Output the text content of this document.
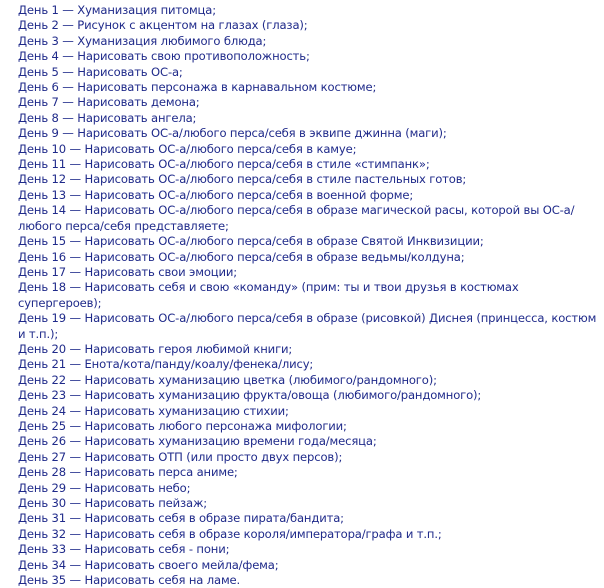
День 1 — Хуманизация питомца;
День 2 — Рисунок с акцентом на глазах (глаза);
День 3 — Хуманизация любимого блюда;
День 4 — Нарисовать свою противоположность;
День 5 — Нарисовать ОС-а;
День 6 — Нарисовать персонажа в карнавальном костюме;
День 7 — Нарисовать демона;
День 8 — Нарисовать ангела;
День 9 — Нарисовать ОС-а/любого перса/себя в эквипе джинна (маги);
День 10 — Нарисовать ОС-а/любого перса/себя в камуе;
День 11 — Нарисовать ОС-а/любого перса/себя в стиле «стимпанк»;
День 12 — Нарисовать ОС-а/любого перса/себя в стиле пастельных готов;
День 13 — Нарисовать ОС-а/любого перса/себя в военной форме;
День 14 — Нарисовать ОС-а/любого перса/себя в образе магической расы, которой вы ОС-а/любого перса/себя представляете;
День 15 — Нарисовать ОС-а/любого перса/себя в образе Святой Инквизиции;
День 16 — Нарисовать ОС-а/любого перса/себя в образе ведьмы/колдуна;
День 17 — Нарисовать свои эмоции;
День 18 — Нарисовать себя и свою «команду» (прим: ты и твои друзья в костюмах супергероев);
День 19 — Нарисовать ОС-а/любого перса/себя в образе (рисовкой) Диснея (принцесса, костюм и т.п.);
День 20 — Нарисовать героя любимой книги;
День 21 — Енота/кота/панду/коалу/фенека/лису;
День 22 — Нарисовать хуманизацию цветка (любимого/рандомного);
День 23 — Нарисовать хуманизацию фрукта/овоща (любимого/рандомного);
День 24 — Нарисовать хуманизацию стихии;
День 25 — Нарисовать любого персонажа мифологии;
День 26 — Нарисовать хуманизацию времени года/месяца;
День 27 — Нарисовать ОТП (или просто двух персов);
День 28 — Нарисовать перса аниме;
День 29 — Нарисовать небо;
День 30 — Нарисовать пейзаж;
День 31 — Нарисовать себя в образе пирата/бандита;
День 32 — Нарисовать себя в образе короля/императора/графа и т.п.;
День 33 — Нарисовать себя - пони;
День 34 — Нарисовать своего мейла/фема;
День 35 — Нарисовать себя на ламе.
